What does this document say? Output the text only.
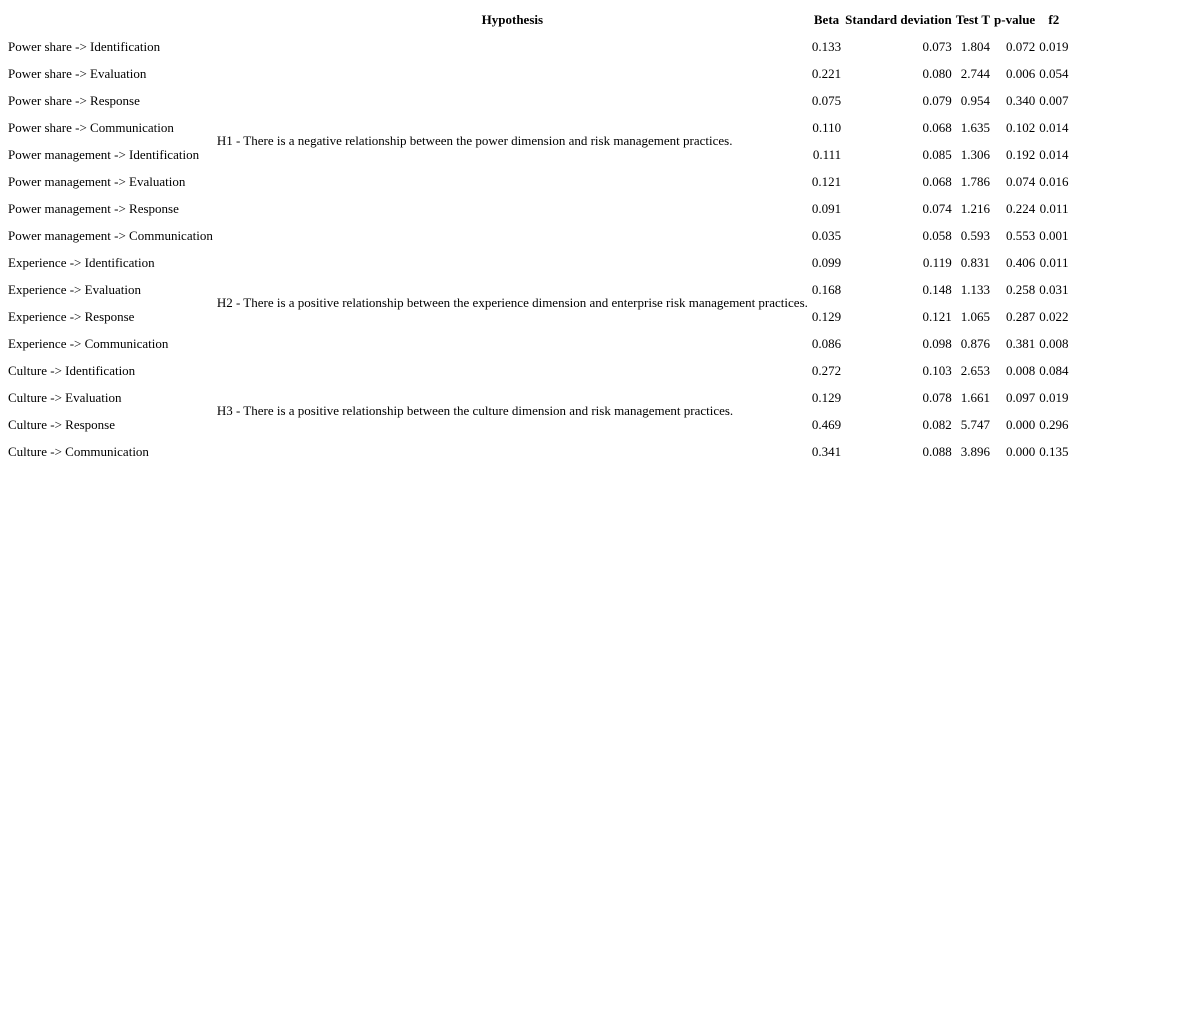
	Hypothesis	Beta	Standard deviation	Test T	p-value	f2
Power share -> Identification	H1 - There is a negative relationship between the power dimension and risk management practices.	0.133	0.073	1.804	0.072	0.019
Power share -> Evaluation		0.221	0.080	2.744	0.006	0.054
Power share -> Response		0.075	0.079	0.954	0.340	0.007
Power share -> Communication		0.110	0.068	1.635	0.102	0.014
Power management -> Identification		0.111	0.085	1.306	0.192	0.014
Power management -> Evaluation		0.121	0.068	1.786	0.074	0.016
Power management -> Response		0.091	0.074	1.216	0.224	0.011
Power management -> Communication		0.035	0.058	0.593	0.553	0.001
Experience -> Identification	H2 - There is a positive relationship between the experience dimension and enterprise risk management practices.	0.099	0.119	0.831	0.406	0.011
Experience -> Evaluation		0.168	0.148	1.133	0.258	0.031
Experience -> Response		0.129	0.121	1.065	0.287	0.022
Experience -> Communication		0.086	0.098	0.876	0.381	0.008
Culture -> Identification	H3 - There is a positive relationship between the culture dimension and risk management practices.	0.272	0.103	2.653	0.008	0.084
Culture -> Evaluation		0.129	0.078	1.661	0.097	0.019
Culture -> Response		0.469	0.082	5.747	0.000	0.296
Culture -> Communication		0.341	0.088	3.896	0.000	0.135
